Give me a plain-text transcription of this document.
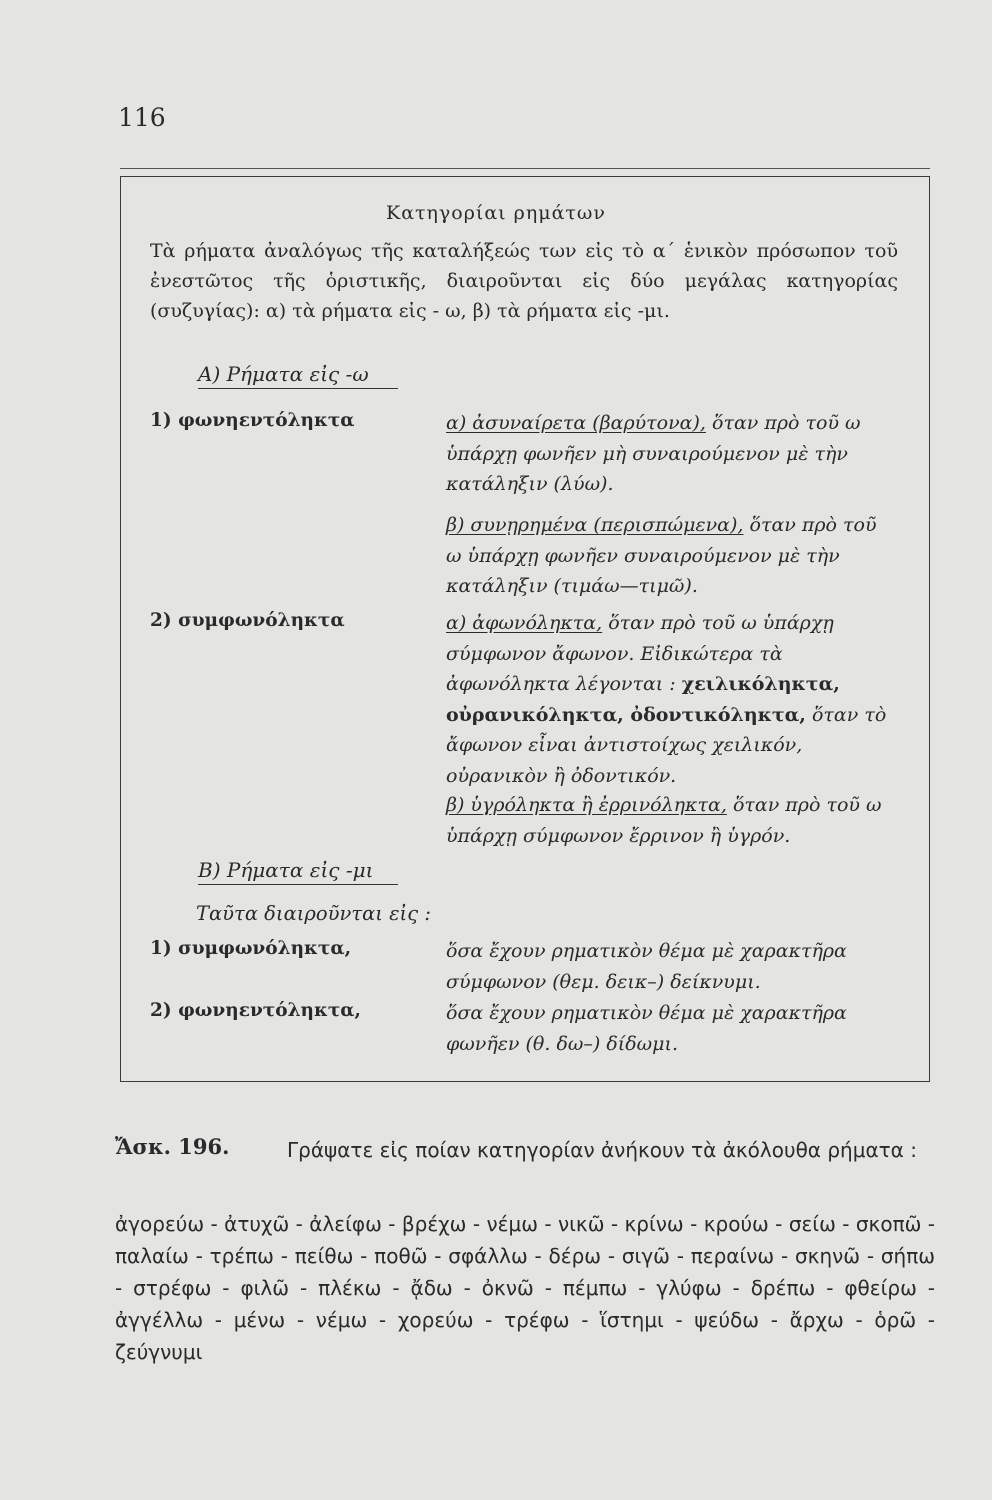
116
Κατηγορίαι ρημάτων
Τὰ ρήματα ἀναλόγως τῆς καταλήξεώς των εἰς τὸ α΄ ἑνικὸν πρόσωπον τοῦ ἐνεστῶτος τῆς ὁριστικῆς, διαιροῦνται εἰς δύο μεγάλας κατηγορίας (συζυγίας): α) τὰ ρήματα εἰς - ω, β) τὰ ρήματα εἰς -μι.
Α) Ρήματα εἰς -ω
1) φωνηεντόληκτα	α) ἀσυναίρετα (βαρύτονα), ὅταν πρὸ τοῦ ω ὑπάρχῃ φωνῆεν μὴ συναιρούμενον μὲ τὴν κατάληξιν (λύω).
β) συνῃρημένα (περισπώμενα), ὅταν πρὸ τοῦ ω ὑπάρχῃ φωνῆεν συναιρούμενον μὲ τὴν κατάληξιν (τιμάω—τιμῶ).
2) συμφωνόληκτα	α) ἀφωνόληκτα, ὅταν πρὸ τοῦ ω ὑπάρχῃ σύμφωνον ἄφωνον. Εἰδικώτερα τὰ ἀφωνόληκτα λέγονται : χειλικόληκτα, οὐρανικόληκτα, ὀδοντικόληκτα, ὅταν τὸ ἄφωνον εἶναι ἀντιστοίχως χειλικόν, οὐρανικὸν ἢ ὀδοντικόν.
β) ὑγρόληκτα ἢ ἐρρινόληκτα, ὅταν πρὸ τοῦ ω ὑπάρχῃ σύμφωνον ἔρρινον ἢ ὑγρόν.
Β) Ρήματα εἰς -μι
Ταῦτα διαιροῦνται εἰς :
1) συμφωνόληκτα,	ὅσα ἔχουν ρηματικὸν θέμα μὲ χαρακτῆρα σύμφωνον (θεμ. δεικ–) δείκνυμι.
2) φωνηεντόληκτα,	ὅσα ἔχουν ρηματικὸν θέμα μὲ χαρακτῆρα φωνῆεν (θ. δω–) δίδωμι.
Ἄσκ. 196.	Γράψατε εἰς ποίαν κατηγορίαν ἀνήκουν τὰ ἀκόλουθα ρήματα :
ἀγορεύω - ἀτυχῶ - ἀλείφω - βρέχω - νέμω - νικῶ - κρίνω - κρούω - σείω - σκοπῶ - παλαίω - τρέπω - πείθω - ποθῶ - σφάλλω - δέρω - σιγῶ - περαίνω - σκηνῶ - σήπω - στρέφω - φιλῶ - πλέκω - ᾄδω - ὀκνῶ - πέμπω - γλύφω - δρέπω - φθείρω - ἀγγέλλω - μένω - νέμω - χορεύω - τρέφω - ἵστημι - ψεύδω - ἄρχω - ὁρῶ - ζεύγνυμι
